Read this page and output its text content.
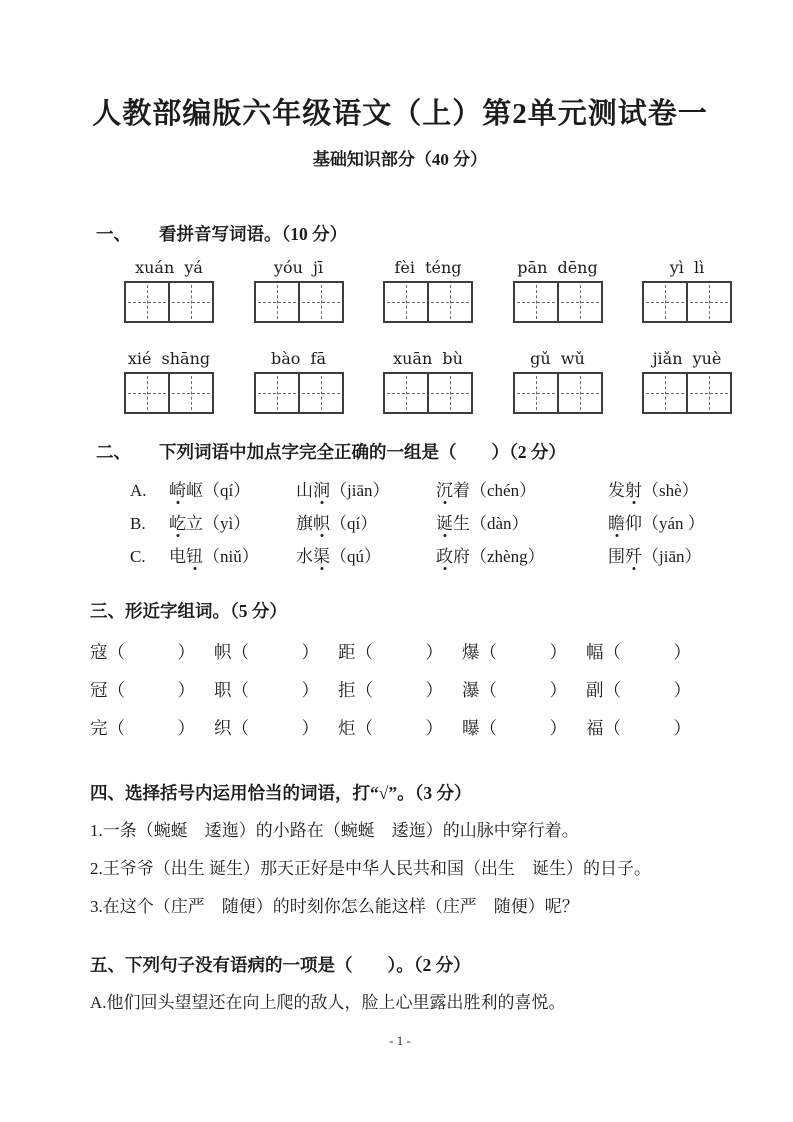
人教部编版六年级语文（上）第2单元测试卷一
基础知识部分（40 分）
一、 看拼音写词语。（10 分）
xuán yá	yóu jī	fèi téng	pān dēng	yì lì
xié shāng	bào fā	xuān bù	gǔ wǔ	jiǎn yuè
二、 下列词语中加点字完全正确的一组是（　　）（2 分）
A.	崎岖（qí）	山涧（jiān）	沉着（chén）	发射（shè）
B.	屹立（yì）	旗帜（qí）	诞生（dàn）	瞻仰（yán ）
C.	电钮（niǔ）	水渠（qú）	政府（zhèng）	围歼（jiān）
三、形近字组词。（5 分）
寇（　　　）	帜（　　　）	距（　　　）	爆（　　　）	幅（　　　）
冠（　　　）	职（　　　）	拒（　　　）	瀑（　　　）	副（　　　）
完（　　　）	织（　　　）	炬（　　　）	曝（　　　）	福（　　　）
四、选择括号内运用恰当的词语，打“√”。（3 分）

1.一条（蜿蜒　逶迤）的小路在（蜿蜒　逶迤）的山脉中穿行着。

2.王爷爷（出生 诞生）那天正好是中华人民共和国（出生　诞生）的日子。

3.在这个（庄严　随便）的时刻你怎么能这样（庄严　随便）呢？

五、下列句子没有语病的一项是（　　）。（2 分）

A.他们回头望望还在向上爬的敌人，脸上心里露出胜利的喜悦。

- 1 -
